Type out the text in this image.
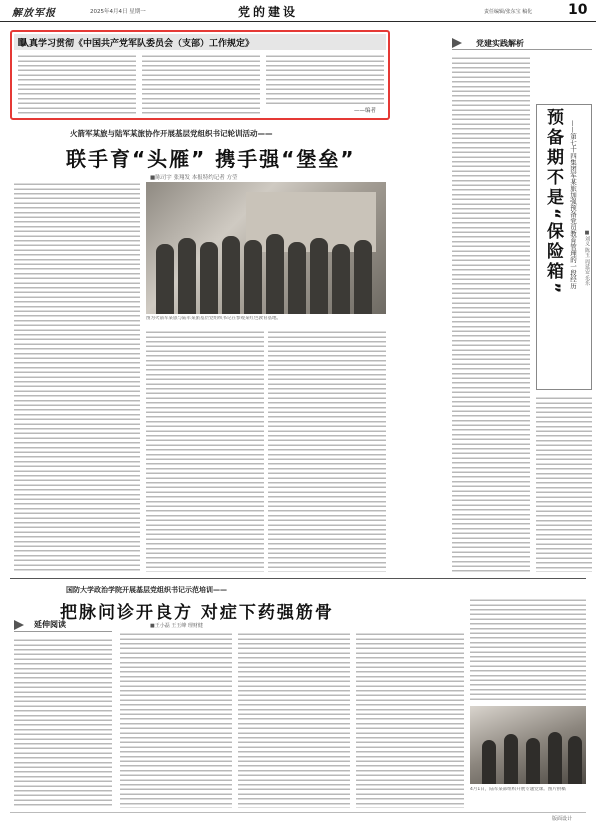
解放军报	2025年4月4日 星期一	党的建设	责任编辑/张东宝 稿化	10
认真学习贯彻《中国共产党军队委员会（支部）工作规定》
——编者
火箭军某旅与陆军某旅协作开展基层党组织书记轮训活动——
联手育“头雁” 携手强“堡垒”
■陈司宇 张翔发 本报特约记者 方莹
图为火箭军某旅与陆军某旅基层党组织书记在参观某红色教育基地。
党建实践解析
预备期不是“保险箱” ——第七十四集团军某旅加强预备党员教育管理的一段经历 ■刘义 陈玉 周延安 乐乐
国防大学政治学院开展基层党组织书记示范培训——
把脉问诊开良方 对症下药强筋骨
■王小磊 王玉峰 理财健
延伸阅读
4月1日，陆军某部组织开展专题党课。图片供稿
版面设计
